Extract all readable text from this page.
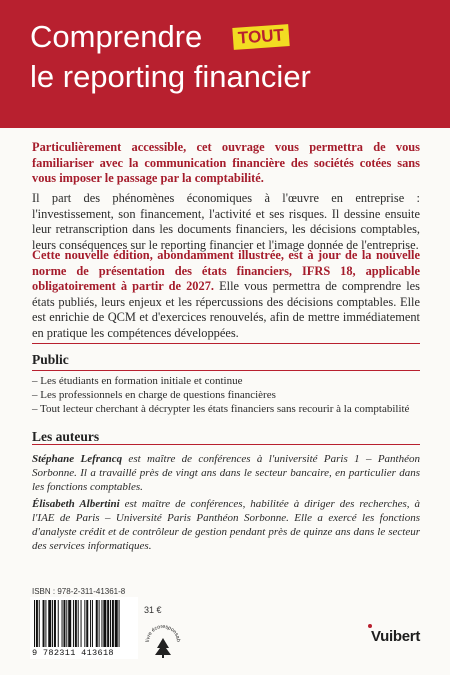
Comprendre TOUT
le reporting financier
Particulièrement accessible, cet ouvrage vous permettra de vous familiariser avec la communication financière des sociétés cotées sans vous imposer le passage par la comptabilité.
Il part des phénomènes économiques à l'œuvre en entreprise : l'investissement, son financement, l'activité et ses risques. Il dessine ensuite leur retranscription dans les documents financiers, les décisions comptables, leurs conséquences sur le reporting financier et l'image donnée de l'entreprise.
Cette nouvelle édition, abondamment illustrée, est à jour de la nouvelle norme de présentation des états financiers, IFRS 18, applicable obligatoirement à partir de 2027. Elle vous permettra de comprendre les états publiés, leurs enjeux et les répercussions des décisions comptables. Elle est enrichie de QCM et d'exercices renouvelés, afin de mettre immédiatement en pratique les compétences développées.
Public
– Les étudiants en formation initiale et continue
– Les professionnels en charge de questions financières
– Tout lecteur cherchant à décrypter les états financiers sans recourir à la comptabilité
Les auteurs
Stéphane Lefrancq est maître de conférences à l'université Paris 1 – Panthéon Sorbonne. Il a travaillé près de vingt ans dans le secteur bancaire, en particulier dans les fonctions comptables.
Élisabeth Albertini est maître de conférences, habilitée à diriger des recherches, à l'IAE de Paris – Université Paris Panthéon Sorbonne. Elle a exercé les fonctions d'analyste crédit et de contrôleur de gestion pendant près de quinze ans dans le secteur des services informatiques.
ISBN : 978-2-311-41361-8
9 782311 413618
31 €
livre écoresponsab	Vuibert
